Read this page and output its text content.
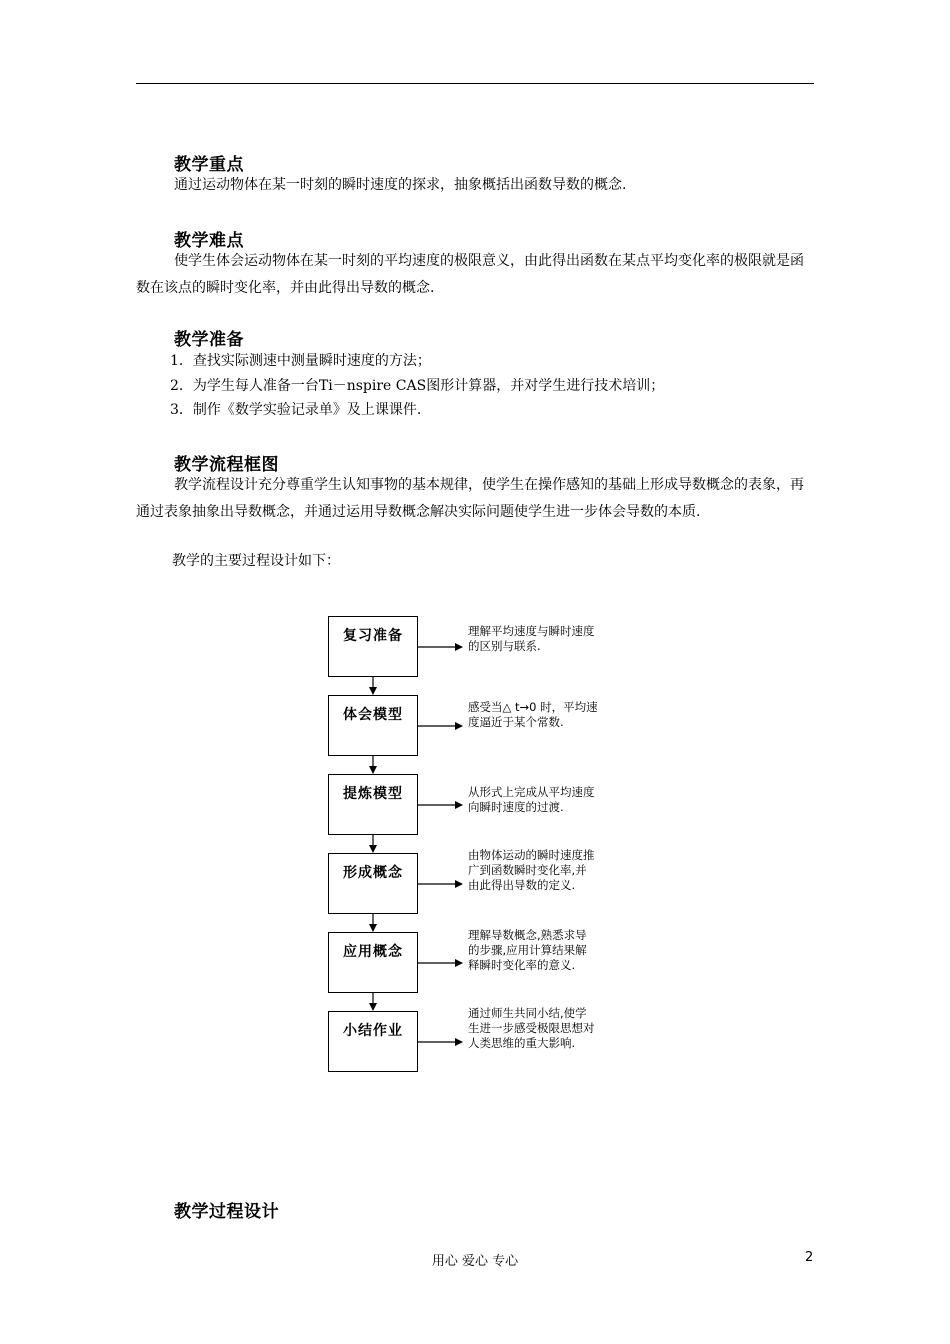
教学重点

通过运动物体在某一时刻的瞬时速度的探求，抽象概括出函数导数的概念.

教学难点

使学生体会运动物体在某一时刻的平均速度的极限意义，由此得出函数在某点平均变化率的极限就是函数在该点的瞬时变化率，并由此得出导数的概念.

教学准备
1．查找实际测速中测量瞬时速度的方法；
2．为学生每人准备一台Ti－nspire CAS图形计算器，并对学生进行技术培训；
3．制作《数学实验记录单》及上课课件.
教学流程框图

教学流程设计充分尊重学生认知事物的基本规律，使学生在操作感知的基础上形成导数概念的表象，再通过表象抽象出导数概念，并通过运用导数概念解决实际问题使学生进一步体会导数的本质.

教学的主要过程设计如下：
复习准备	理解平均速度与瞬时速度
的区别与联系.
体会模型	感受当△ t→0 时，平均速
度逼近于某个常数.
提炼模型	从形式上完成从平均速度
向瞬时速度的过渡.
形成概念
由物体运动的瞬时速度推
广到函数瞬时变化率,并
由此得出导数的定义.
应用概念
理解导数概念,熟悉求导
的步骤,应用计算结果解
释瞬时变化率的意义.
小结作业
通过师生共同小结,使学
生进一步感受极限思想对
人类思维的重大影响.
教学过程设计
用心 爱心 专心	2
